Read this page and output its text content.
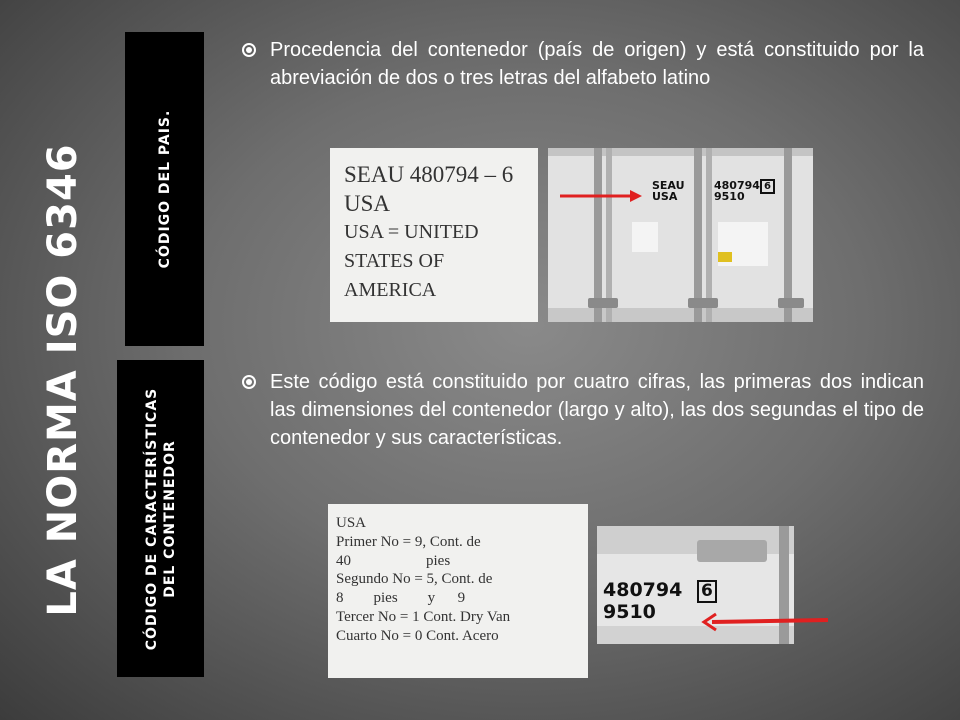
LA NORMA ISO 6346	CÓDIGO DEL PAIS.
CÓDIGO DE CARACTERÍSTICAS DEL CONTENEDOR
Procedencia del contenedor (país de origen) y está constituido por la abreviación de dos o tres letras del alfabeto latino
Este código está constituido por cuatro cifras, las primeras dos indican las dimensiones del contenedor (largo y alto), las dos segundas el tipo de contenedor y sus características.
SEAU 480794 – 6
USA
USA = UNITED
STATES OF
AMERICA
SEAU
USA
480794 6
9510
USA
Primer No = 9, Cont. de
40                    pies
Segundo No = 5, Cont. de
8        pies        y      9
Tercer No = 1 Cont. Dry Van
Cuarto No = 0 Cont. Acero
480794 6
9510
